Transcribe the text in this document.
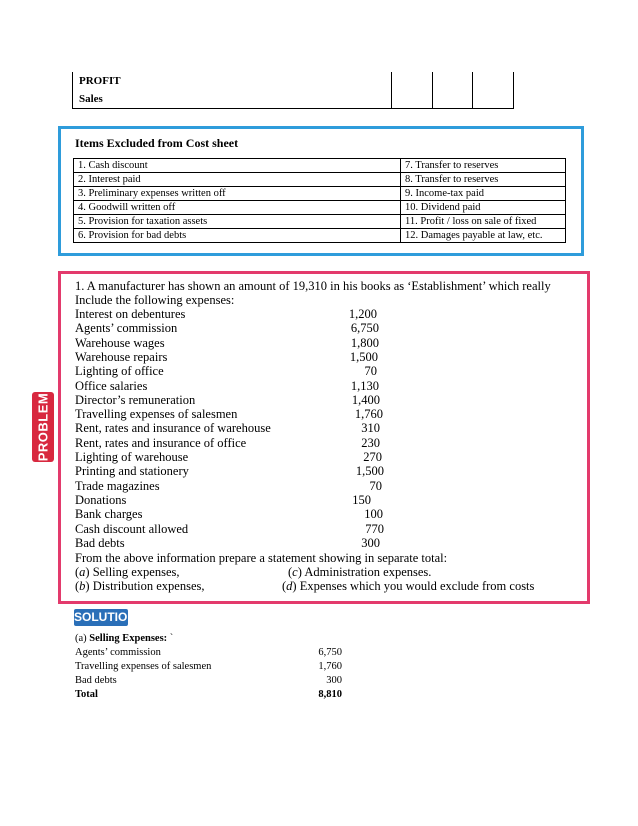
PROFIT			
Sales			
Items Excluded from Cost sheet
1. Cash discount	7. Transfer to reserves
2. Interest paid	8. Transfer to reserves
3. Preliminary expenses written off	9. Income-tax paid
4. Goodwill written off	10. Dividend paid
5. Provision for taxation assets	11. Profit / loss on sale of fixed
6. Provision for bad debts	12. Damages payable at law, etc.
PROBLEM
1. A manufacturer has shown an amount of 19,310 in his books as ‘Establishment’ which really
Include the following expenses:
Interest on debentures	1,200
Agents’ commission	6,750
Warehouse wages	1,800
Warehouse repairs	1,500
Lighting of office	70
Office salaries	1,130
Director’s remuneration	1,400
Travelling expenses of salesmen	1,760
Rent, rates and insurance of warehouse	310
Rent, rates and insurance of office	230
Lighting of warehouse	270
Printing and stationery	1,500
Trade magazines	70
Donations	150
Bank charges	100
Cash discount allowed	770
Bad debts	300
From the above information prepare a statement showing in separate total:
(a) Selling expenses,	(c) Administration expenses.
(b) Distribution expenses,	(d) Expenses which you would exclude from costs
SOLUTION
(a) Selling Expenses: `
Agents’ commission	6,750
Travelling expenses of salesmen	1,760
Bad debts	300
Total	8,810
